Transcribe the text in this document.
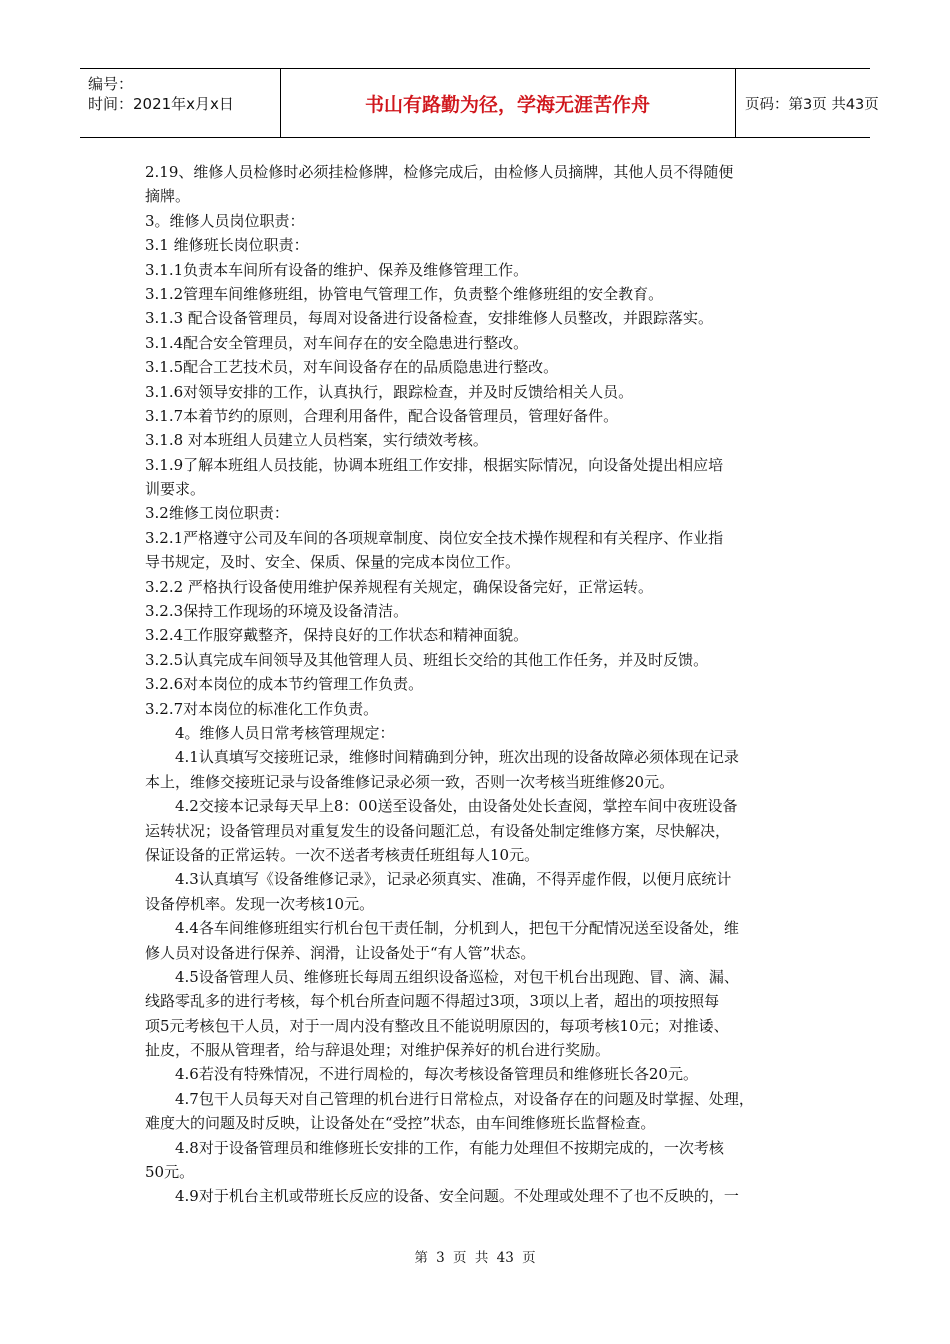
编号：
时间：2021年x月x日	书山有路勤为径，学海无涯苦作舟	页码：第3页 共43页
2.19、维修人员检修时必须挂检修牌，检修完成后，由检修人员摘牌，其他人员不得随便
摘牌。
3。维修人员岗位职责：
3.1 维修班长岗位职责：
3.1.1负责本车间所有设备的维护、保养及维修管理工作。
3.1.2管理车间维修班组，协管电气管理工作，负责整个维修班组的安全教育。
3.1.3 配合设备管理员，每周对设备进行设备检查，安排维修人员整改，并跟踪落实。
3.1.4配合安全管理员，对车间存在的安全隐患进行整改。
3.1.5配合工艺技术员，对车间设备存在的品质隐患进行整改。
3.1.6对领导安排的工作，认真执行，跟踪检查，并及时反馈给相关人员。
3.1.7本着节约的原则，合理利用备件，配合设备管理员，管理好备件。
3.1.8 对本班组人员建立人员档案，实行绩效考核。
3.1.9了解本班组人员技能，协调本班组工作安排，根据实际情况，向设备处提出相应培
训要求。
3.2维修工岗位职责：
3.2.1严格遵守公司及车间的各项规章制度、岗位安全技术操作规程和有关程序、作业指
导书规定，及时、安全、保质、保量的完成本岗位工作。
3.2.2 严格执行设备使用维护保养规程有关规定，确保设备完好，正常运转。
3.2.3保持工作现场的环境及设备清洁。
3.2.4工作服穿戴整齐，保持良好的工作状态和精神面貌。
3.2.5认真完成车间领导及其他管理人员、班组长交给的其他工作任务，并及时反馈。
3.2.6对本岗位的成本节约管理工作负责。
3.2.7对本岗位的标准化工作负责。
4。维修人员日常考核管理规定：
4.1认真填写交接班记录，维修时间精确到分钟，班次出现的设备故障必须体现在记录
本上，维修交接班记录与设备维修记录必须一致，否则一次考核当班维修20元。
4.2交接本记录每天早上8：00送至设备处，由设备处处长查阅，掌控车间中夜班设备
运转状况；设备管理员对重复发生的设备问题汇总，有设备处制定维修方案，尽快解决，
保证设备的正常运转。一次不送者考核责任班组每人10元。
4.3认真填写《设备维修记录》，记录必须真实、准确，不得弄虚作假，以便月底统计
设备停机率。发现一次考核10元。
4.4各车间维修班组实行机台包干责任制，分机到人，把包干分配情况送至设备处，维
修人员对设备进行保养、润滑，让设备处于“有人管”状态。
4.5设备管理人员、维修班长每周五组织设备巡检，对包干机台出现跑、冒、滴、漏、
线路零乱多的进行考核，每个机台所查问题不得超过3项，3项以上者，超出的项按照每
项5元考核包干人员，对于一周内没有整改且不能说明原因的，每项考核10元；对推诿、
扯皮，不服从管理者，给与辞退处理；对维护保养好的机台进行奖励。
4.6若没有特殊情况，不进行周检的，每次考核设备管理员和维修班长各20元。
4.7包干人员每天对自己管理的机台进行日常检点，对设备存在的问题及时掌握、处理，
难度大的问题及时反映，让设备处在“受控”状态，由车间维修班长监督检查。
4.8对于设备管理员和维修班长安排的工作，有能力处理但不按期完成的，一次考核
50元。
4.9对于机台主机或带班长反应的设备、安全问题。不处理或处理不了也不反映的，一
第 3 页 共 43 页
